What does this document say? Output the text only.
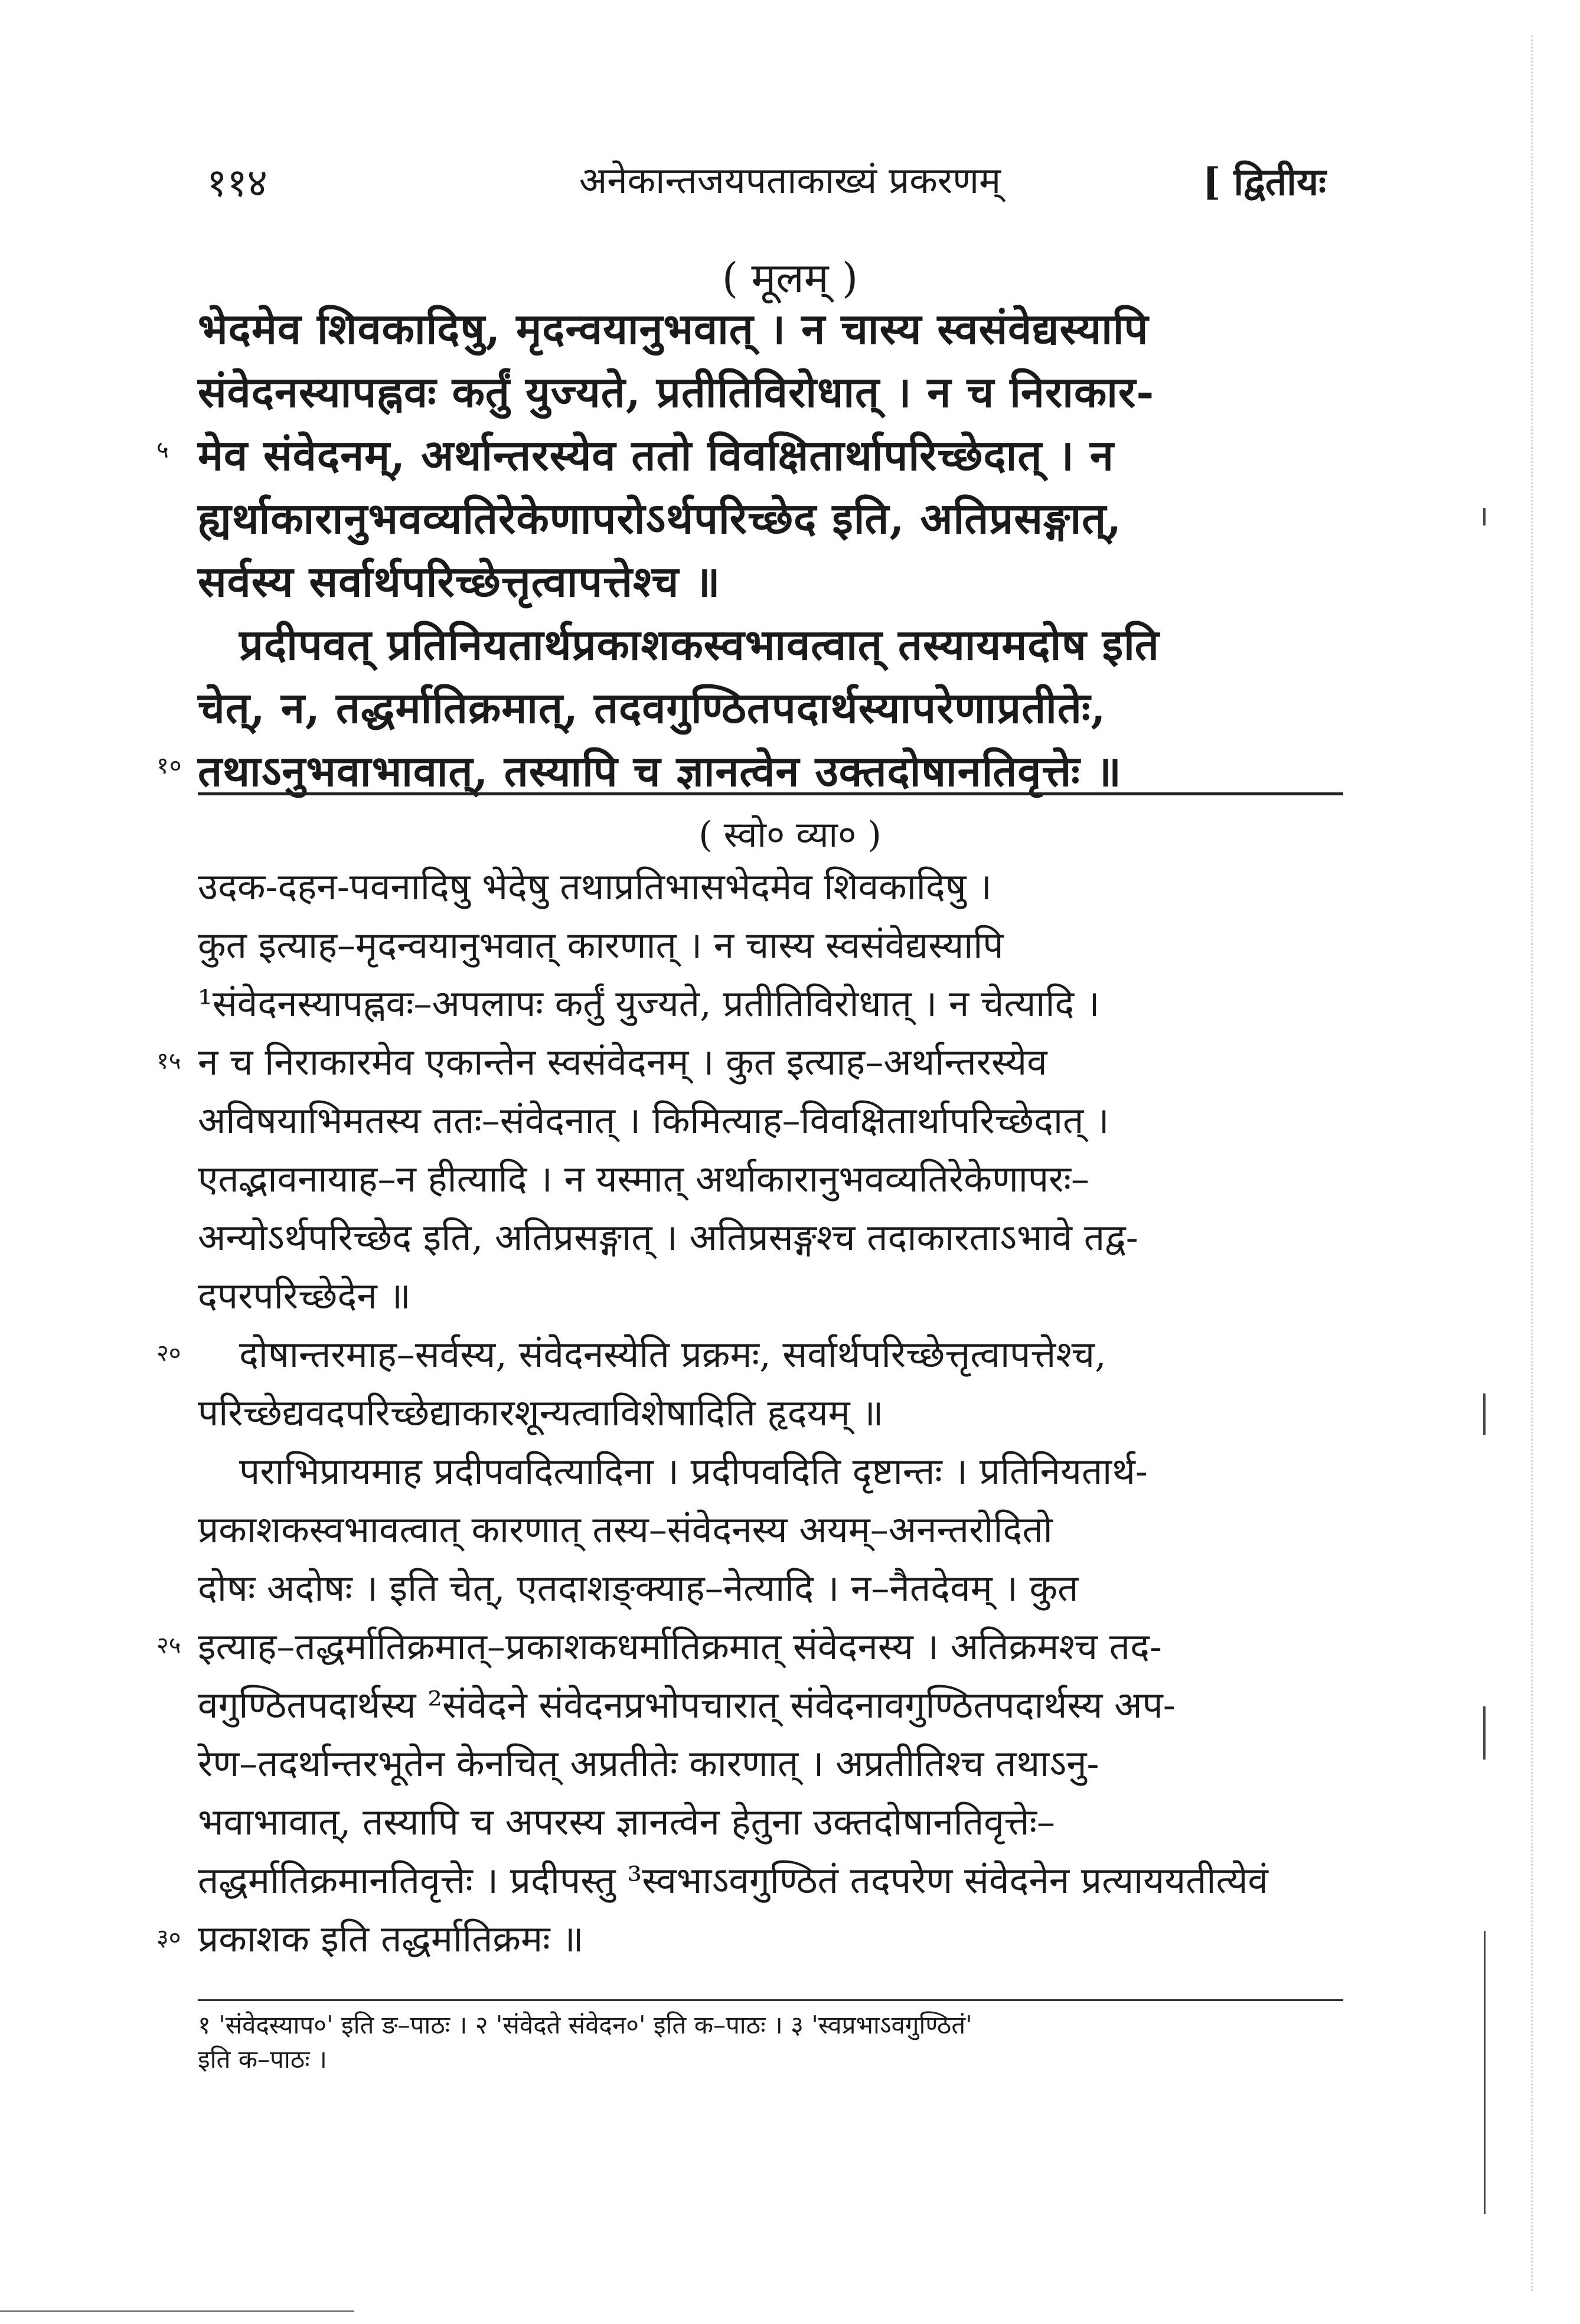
११४	अनेकान्तजयपताकाख्यं प्रकरणम्	[ द्वितीयः
( मूलम् )
भेदमेव शिवकादिषु, मृदन्वयानुभवात् । न चास्य स्वसंवेद्यस्यापि
संवेदनस्यापह्नवः कर्तुं युज्यते, प्रतीतिविरोधात् । न च निराकार-
५ मेव संवेदनम्, अर्थान्तरस्येव ततो विवक्षितार्थापरिच्छेदात् । न
ह्यर्थाकारानुभवव्यतिरेकेणापरोऽर्थपरिच्छेद इति, अतिप्रसङ्गात्,
सर्वस्य सर्वार्थपरिच्छेत्तृत्वापत्तेश्च ॥
प्रदीपवत् प्रतिनियतार्थप्रकाशकस्वभावत्वात् तस्यायमदोष इति
चेत्, न, तद्धर्मातिक्रमात्, तदवगुण्ठितपदार्थस्यापरेणाप्रतीतेः,
१० तथाऽनुभवाभावात्, तस्यापि च ज्ञानत्वेन उक्तदोषानतिवृत्तेः ॥
( स्वो० व्या० )
उदक-दहन-पवनादिषु भेदेषु तथाप्रतिभासभेदमेव शिवकादिषु ।
कुत इत्याह–मृदन्वयानुभवात् कारणात् । न चास्य स्वसंवेद्यस्यापि
¹संवेदनस्यापह्नवः–अपलापः कर्तुं युज्यते, प्रतीतिविरोधात् । न चेत्यादि ।
१५ न च निराकारमेव एकान्तेन स्वसंवेदनम् । कुत इत्याह–अर्थान्तरस्येव
अविषयाभिमतस्य ततः–संवेदनात् । किमित्याह–विवक्षितार्थापरिच्छेदात् ।
एतद्भावनायाह–न हीत्यादि । न यस्मात् अर्थाकारानुभवव्यतिरेकेणापरः–
अन्योऽर्थपरिच्छेद इति, अतिप्रसङ्गात् । अतिप्रसङ्गश्च तदाकारताऽभावे तद्व-
दपरपरिच्छेदेन ॥
२० दोषान्तरमाह–सर्वस्य, संवेदनस्येति प्रक्रमः, सर्वार्थपरिच्छेत्तृत्वापत्तेश्च,
परिच्छेद्यवदपरिच्छेद्याकारशून्यत्वाविशेषादिति हृदयम् ॥
पराभिप्रायमाह प्रदीपवदित्यादिना । प्रदीपवदिति दृष्टान्तः । प्रतिनियतार्थ-
प्रकाशकस्वभावत्वात् कारणात् तस्य–संवेदनस्य अयम्–अनन्तरोदितो
दोषः अदोषः । इति चेत्, एतदाशङ्क्याह–नेत्यादि । न–नैतदेवम् । कुत
२५ इत्याह–तद्धर्मातिक्रमात्–प्रकाशकधर्मातिक्रमात् संवेदनस्य । अतिक्रमश्च तद-
वगुण्ठितपदार्थस्य ²संवेदने संवेदनप्रभोपचारात् संवेदनावगुण्ठितपदार्थस्य अप-
रेण–तदर्थान्तरभूतेन केनचित् अप्रतीतेः कारणात् । अप्रतीतिश्च तथाऽनु-
भवाभावात्, तस्यापि च अपरस्य ज्ञानत्वेन हेतुना उक्तदोषानतिवृत्तेः–
तद्धर्मातिक्रमानतिवृत्तेः । प्रदीपस्तु ³स्वभाऽवगुण्ठितं तदपरेण संवेदनेन प्रत्याययतीत्येवं
३० प्रकाशक इति तद्धर्मातिक्रमः ॥
१ 'संवेदस्याप०' इति ङ–पाठः । २ 'संवेदते संवेदन०' इति क–पाठः । ३ 'स्वप्रभाऽवगुण्ठितं'
इति क–पाठः ।
